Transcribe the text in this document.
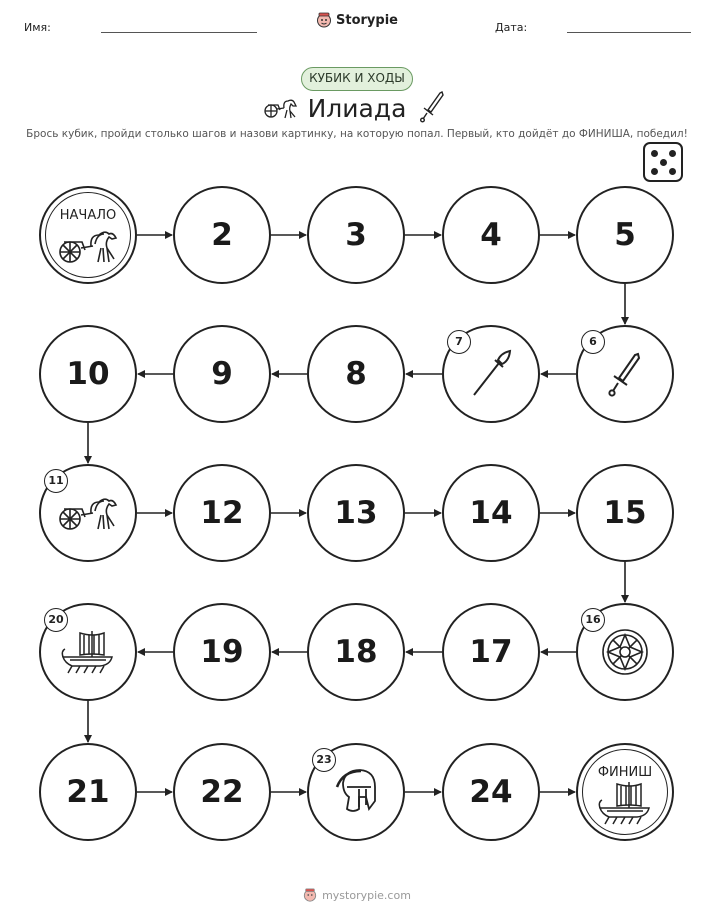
Имя:	Дата:
Storypie
КУБИК И ХОДЫ
Илиада
Брось кубик, пройди столько шагов и назови картинку, на которую попал. Первый, кто дойдёт до ФИНИША, победил!
НАЧАЛО
2	3	4	5
6
7
8
9
10
11
12	13	14	15
16
17
18
19
20
21	22
23
24
ФИНИШ
mystorypie.com
